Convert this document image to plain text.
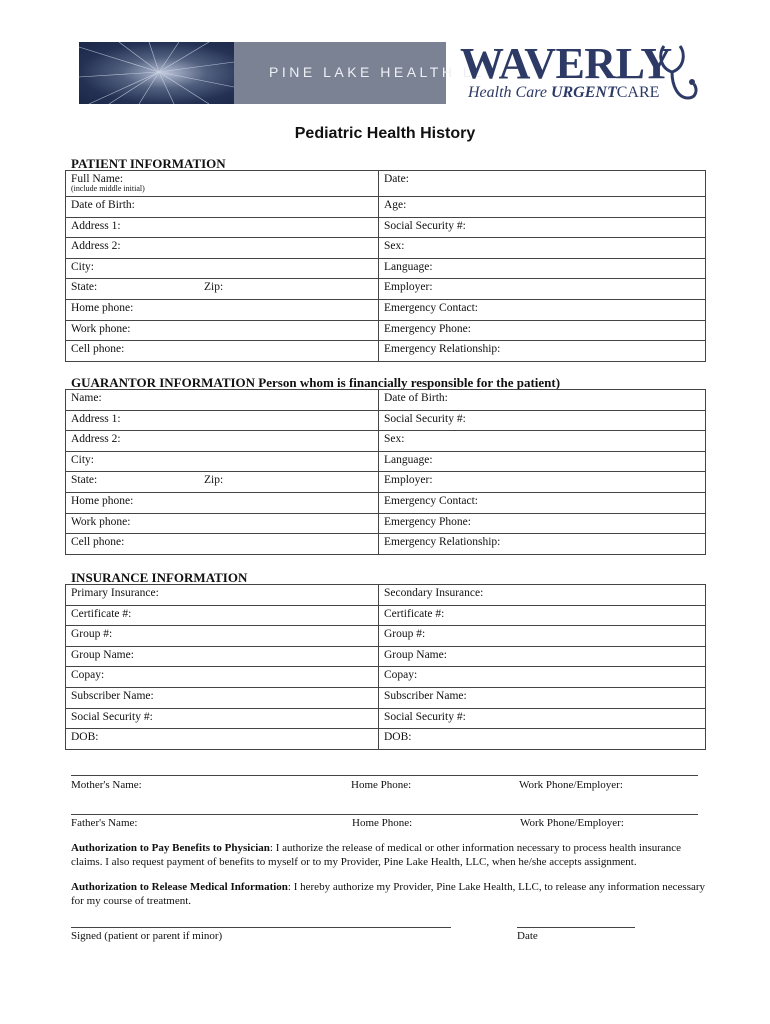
PINE LAKE HEALTH LLC
WAVERLY
Health Care URGENTCARE
Pediatric Health History
PATIENT INFORMATION
Full Name:
(include middle initial)	Date:
Date of Birth:	Age:
Address 1:	Social Security #:
Address 2:	Sex:
City:	Language:

State: Zip:	Employer:
Home phone:	Emergency Contact:
Work phone:	Emergency Phone:
Cell phone:	Emergency Relationship:
GUARANTOR INFORMATION Person whom is financially responsible for the patient)
Name:	Date of Birth:
Address 1:	Social Security #:
Address 2:	Sex:
City:	Language:

State: Zip:	Employer:
Home phone:	Emergency Contact:
Work phone:	Emergency Phone:
Cell phone:	Emergency Relationship:
INSURANCE INFORMATION
Primary Insurance:	Secondary Insurance:
Certificate #:	Certificate #:
Group #:	Group #:
Group Name:	Group Name:
Copay:	Copay:
Subscriber Name:	Subscriber Name:
Social Security #:	Social Security #:
DOB:	DOB:
Mother's Name:	Home Phone:	Work Phone/Employer:
Father's Name:	Home Phone:	Work Phone/Employer:
Authorization to Pay Benefits to Physician: I authorize the release of medical or other information necessary to process health insurance claims. I also request payment of benefits to myself or to my Provider, Pine Lake Health, LLC, when he/she accepts assignment.
Authorization to Release Medical Information: I hereby authorize my Provider, Pine Lake Health, LLC, to release any information necessary for my course of treatment.
Signed (patient or parent if minor)	Date
